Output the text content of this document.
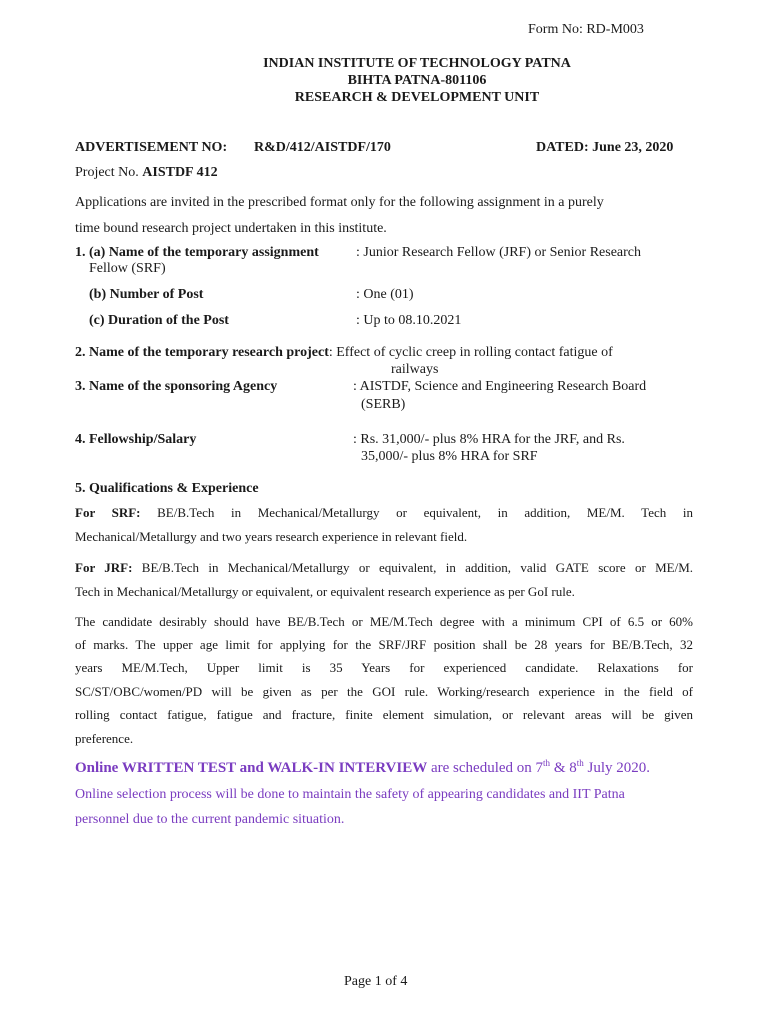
Form No: RD-M003
INDIAN INSTITUTE OF TECHNOLOGY PATNA
BIHTA PATNA-801106
RESEARCH & DEVELOPMENT UNIT
ADVERTISEMENT NO: R&D/412/AISTDF/170	DATED: June 23, 2020
Project No. AISTDF 412
Applications are invited in the prescribed format only for the following assignment in a purely
time bound research project undertaken in this institute.
1. (a) Name of the temporary assignment	: Junior Research Fellow (JRF) or Senior Research
Fellow (SRF)
(b) Number of Post	: One (01)
(c) Duration of the Post	: Up to 08.10.2021
2. Name of the temporary research project: Effect of cyclic creep in rolling contact fatigue of
railways
3. Name of the sponsoring Agency	: AISTDF, Science and Engineering Research Board
(SERB)
4. Fellowship/Salary	: Rs. 31,000/- plus 8% HRA for the JRF, and Rs.
35,000/- plus 8% HRA for SRF
5. Qualifications & Experience
For SRF: BE/B.Tech in Mechanical/Metallurgy or equivalent, in addition, ME/M. Tech in
Mechanical/Metallurgy and two years research experience in relevant field.
For JRF: BE/B.Tech in Mechanical/Metallurgy or equivalent, in addition, valid GATE score or ME/M.
Tech in Mechanical/Metallurgy or equivalent, or equivalent research experience as per GoI rule.
The candidate desirably should have BE/B.Tech or ME/M.Tech degree with a minimum CPI of 6.5 or 60%
of marks. The upper age limit for applying for the SRF/JRF position shall be 28 years for BE/B.Tech, 32
years ME/M.Tech, Upper limit is 35 Years for experienced candidate. Relaxations for
SC/ST/OBC/women/PD will be given as per the GOI rule. Working/research experience in the field of
rolling contact fatigue, fatigue and fracture, finite element simulation, or relevant areas will be given
preference.
Online WRITTEN TEST and WALK-IN INTERVIEW are scheduled on 7th & 8th July 2020.
Online selection process will be done to maintain the safety of appearing candidates and IIT Patna
personnel due to the current pandemic situation.
Page 1 of 4
